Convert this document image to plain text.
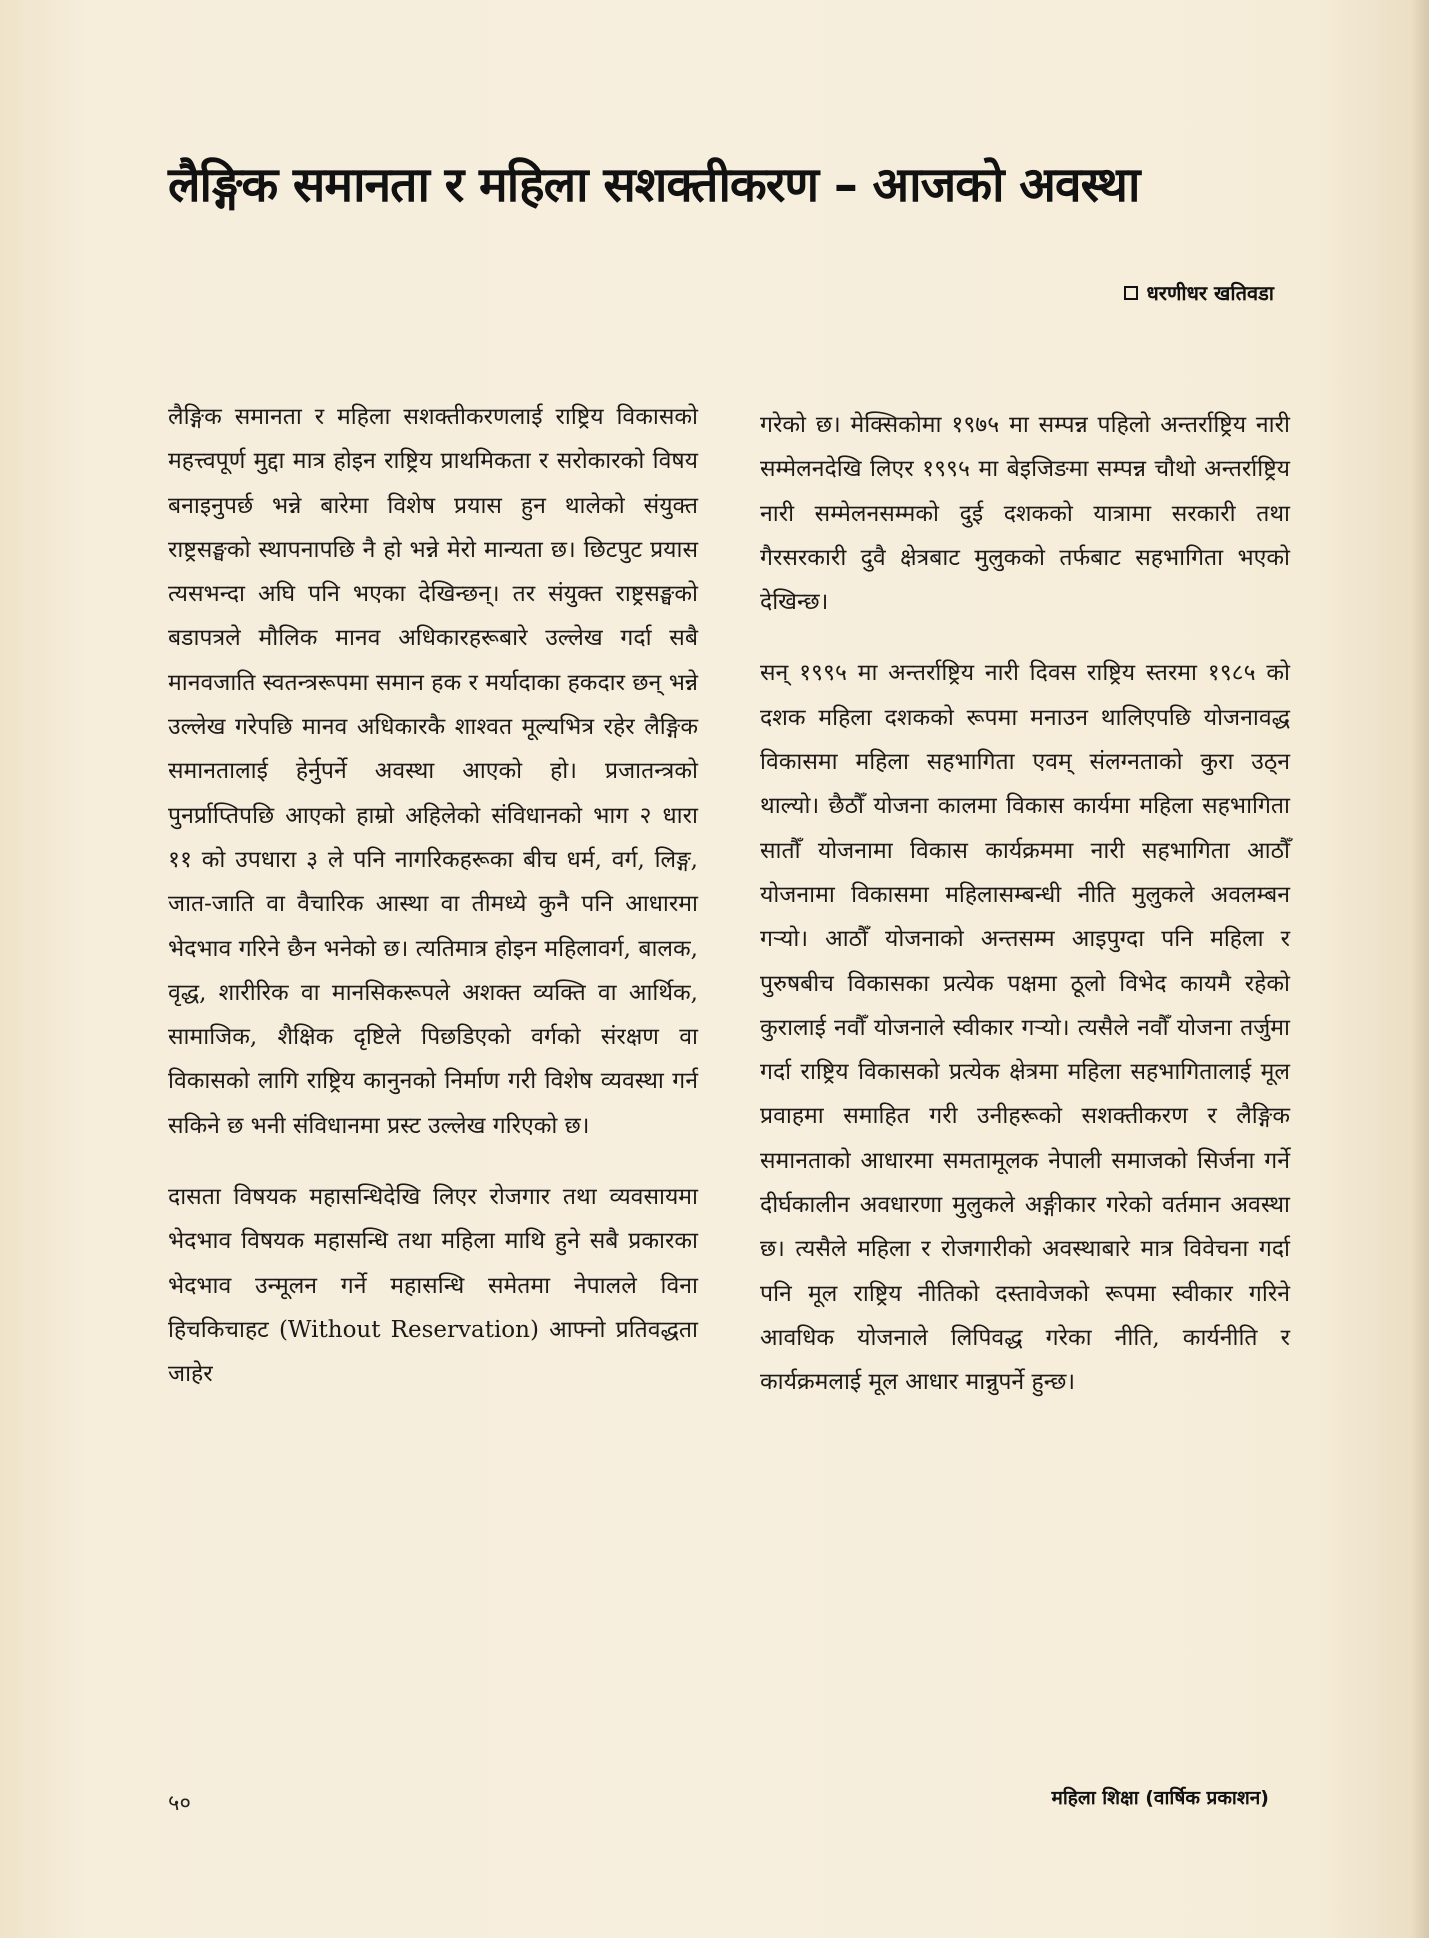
लैङ्गिक समानता र महिला सशक्तीकरण – आजको अवस्था
धरणीधर खतिवडा

लैङ्गिक समानता र महिला सशक्तीकरणलाई राष्ट्रिय विकासको महत्त्वपूर्ण मुद्दा मात्र होइन राष्ट्रिय प्राथमिकता र सरोकारको विषय बनाइनुपर्छ भन्ने बारेमा विशेष प्रयास हुन थालेको संयुक्त राष्ट्रसङ्घको स्थापनापछि नै हो भन्ने मेरो मान्यता छ। छिटपुट प्रयास त्यसभन्दा अघि पनि भएका देखिन्छन्। तर संयुक्त राष्ट्रसङ्घको बडापत्रले मौलिक मानव अधिकारहरूबारे उल्लेख गर्दा सबै मानवजाति स्वतन्त्ररूपमा समान हक र मर्यादाका हकदार छन् भन्ने उल्लेख गरेपछि मानव अधिकारकै शाश्वत मूल्यभित्र रहेर लैङ्गिक समानतालाई हेर्नुपर्ने अवस्था आएको हो। प्रजातन्त्रको पुनर्प्राप्तिपछि आएको हाम्रो अहिलेको संविधानको भाग २ धारा ११ को उपधारा ३ ले पनि नागरिकहरूका बीच धर्म, वर्ग, लिङ्ग, जात-जाति वा वैचारिक आस्था वा तीमध्ये कुनै पनि आधारमा भेदभाव गरिने छैन भनेको छ। त्यतिमात्र होइन महिलावर्ग, बालक, वृद्ध, शारीरिक वा मानसिकरूपले अशक्त व्यक्ति वा आर्थिक, सामाजिक, शैक्षिक दृष्टिले पिछडिएको वर्गको संरक्षण वा विकासको लागि राष्ट्रिय कानुनको निर्माण गरी विशेष व्यवस्था गर्न सकिने छ भनी संविधानमा प्रस्ट उल्लेख गरिएको छ।

दासता विषयक महासन्धिदेखि लिएर रोजगार तथा व्यवसायमा भेदभाव विषयक महासन्धि तथा महिला माथि हुने सबै प्रकारका भेदभाव उन्मूलन गर्ने महासन्धि समेतमा नेपालले विना हिचकिचाहट (Without Reservation) आफ्नो प्रतिवद्धता जाहेर

गरेको छ। मेक्सिकोमा १९७५ मा सम्पन्न पहिलो अन्तर्राष्ट्रिय नारी सम्मेलनदेखि लिएर १९९५ मा बेइजिङमा सम्पन्न चौथो अन्तर्राष्ट्रिय नारी सम्मेलनसम्मको दुई दशकको यात्रामा सरकारी तथा गैरसरकारी दुवै क्षेत्रबाट मुलुकको तर्फबाट सहभागिता भएको देखिन्छ।

सन् १९९५ मा अन्तर्राष्ट्रिय नारी दिवस राष्ट्रिय स्तरमा १९८५ को दशक महिला दशकको रूपमा मनाउन थालिएपछि योजनावद्ध विकासमा महिला सहभागिता एवम् संलग्नताको कुरा उठ्न थाल्यो। छैठौँ योजना कालमा विकास कार्यमा महिला सहभागिता सातौँ योजनामा विकास कार्यक्रममा नारी सहभागिता आठौँ योजनामा विकासमा महिलासम्बन्धी नीति मुलुकले अवलम्बन गऱ्यो। आठौँ योजनाको अन्तसम्म आइपुग्दा पनि महिला र पुरुषबीच विकासका प्रत्येक पक्षमा ठूलो विभेद कायमै रहेको कुरालाई नवौँ योजनाले स्वीकार गऱ्यो। त्यसैले नवौँ योजना तर्जुमा गर्दा राष्ट्रिय विकासको प्रत्येक क्षेत्रमा महिला सहभागितालाई मूल प्रवाहमा समाहित गरी उनीहरूको सशक्तीकरण र लैङ्गिक समानताको आधारमा समतामूलक नेपाली समाजको सिर्जना गर्ने दीर्घकालीन अवधारणा मुलुकले अङ्गीकार गरेको वर्तमान अवस्था छ। त्यसैले महिला र रोजगारीको अवस्थाबारे मात्र विवेचना गर्दा पनि मूल राष्ट्रिय नीतिको दस्तावेजको रूपमा स्वीकार गरिने आवधिक योजनाले लिपिवद्ध गरेका नीति, कार्यनीति र कार्यक्रमलाई मूल आधार मान्नुपर्ने हुन्छ।

५०	महिला शिक्षा (वार्षिक प्रकाशन)
